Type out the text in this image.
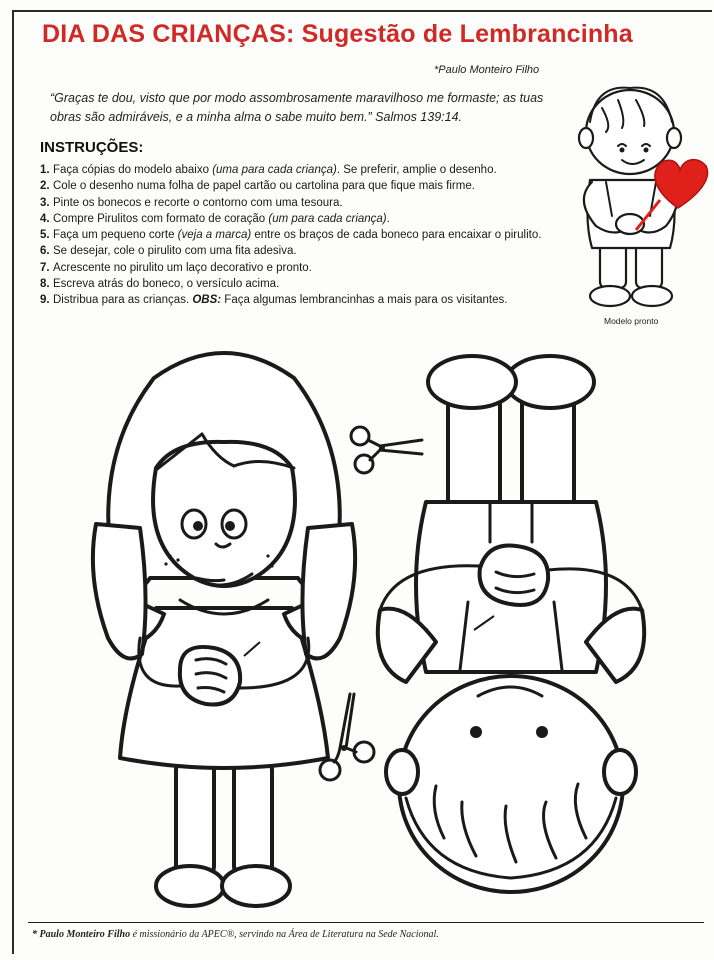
DIA DAS CRIANÇAS: Sugestão de Lembrancinha
*Paulo Monteiro Filho
“Graças te dou, visto que por modo assombrosamente maravilhoso me formaste; as tuas obras são admiráveis, e a minha alma o sabe muito bem.” Salmos 139:14.
INSTRUÇÕES:
1. Faça cópias do modelo abaixo (uma para cada criança). Se preferir, amplie o desenho.
2. Cole o desenho numa folha de papel cartão ou cartolina para que fique mais firme.
3. Pinte os bonecos e recorte o contorno com uma tesoura.
4. Compre Pirulitos com formato de coração (um para cada criança).
5. Faça um pequeno corte (veja a marca) entre os braços de cada boneco para encaixar o pirulito.
6. Se desejar, cole o pirulito com uma fita adesiva.
7. Acrescente no pirulito um laço decorativo e pronto.
8. Escreva atrás do boneco, o versículo acima.
9. Distribua para as crianças. OBS: Faça algumas lembrancinhas a mais para os visitantes.
Modelo pronto
* Paulo Monteiro Filho é missionário da APEC®, servindo na Área de Literatura na Sede Nacional.
